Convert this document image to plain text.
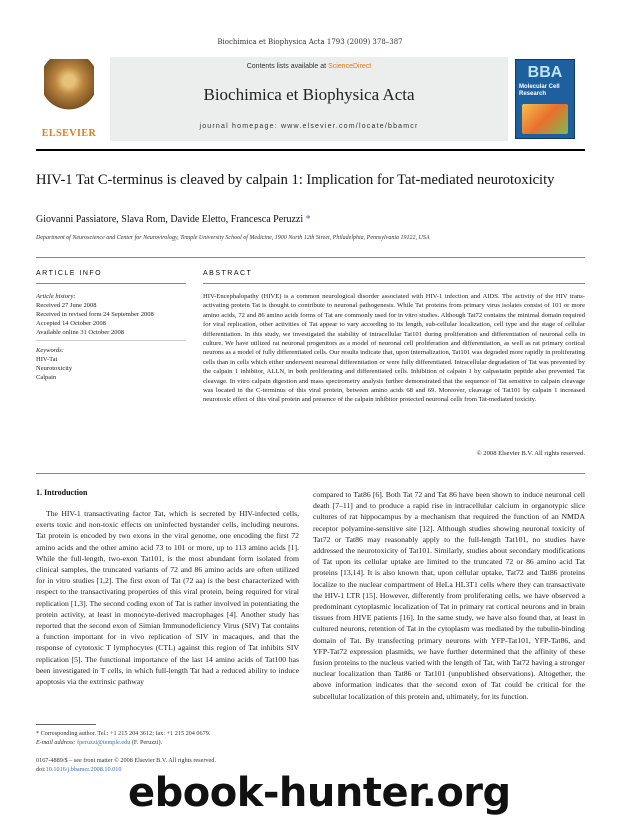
Biochimica et Biophysica Acta 1793 (2009) 378–387
ELSEVIER
Contents lists available at ScienceDirect
Biochimica et Biophysica Acta
journal homepage: www.elsevier.com/locate/bbamcr
BBA
Molecular Cell Research
HIV-1 Tat C-terminus is cleaved by calpain 1: Implication for Tat-mediated neurotoxicity
Giovanni Passiatore, Slava Rom, Davide Eletto, Francesca Peruzzi *
Department of Neuroscience and Center for Neurovirology, Temple University School of Medicine, 1900 North 12th Street, Philadelphia, Pennsylvania 19122, USA
ARTICLE INFO	ABSTRACT
Article history:
Received 27 June 2008
Received in revised form 24 September 2008
Accepted 14 October 2008
Available online 31 October 2008
Keywords:
HIV-Tat
Neurotoxicity
Calpain
HIV-Encephalopathy (HIVE) is a common neurological disorder associated with HIV-1 infection and AIDS. The activity of the HIV trans-activating protein Tat is thought to contribute to neuronal pathogenesis. While Tat proteins from primary virus isolates consist of 101 or more amino acids, 72 and 86 amino acids forms of Tat are commonly used for in vitro studies. Although Tat72 contains the minimal domain required for viral replication, other activities of Tat appear to vary according to its length, sub-cellular localization, cell type and the stage of cellular differentiation. In this study, we investigated the stability of intracellular Tat101 during proliferation and differentiation of neuronal cells in culture. We have utilized rat neuronal progenitors as a model of neuronal cell proliferation and differentiation, as well as rat primary cortical neurons as a model of fully differentiated cells. Our results indicate that, upon internalization, Tat101 was degraded more rapidly in proliferating cells than in cells which either underwent neuronal differentiation or were fully differentiated. Intracellular degradation of Tat was prevented by the calpain 1 inhibitor, ALLN, in both proliferating and differentiated cells. Inhibition of calpain 1 by calpastatin peptide also prevented Tat cleavage. In vitro calpain digestion and mass spectrometry analysis further demonstrated that the sequence of Tat sensitive to calpain cleavage was located in the C-terminus of this viral protein, between amino acids 68 and 69. Moreover, cleavage of Tat101 by calpain 1 increased neurotoxic effect of this viral protein and presence of the calpain inhibitor protected neuronal cells from Tat-mediated toxicity.
© 2008 Elsevier B.V. All rights reserved.
1. Introduction

The HIV-1 transactivating factor Tat, which is secreted by HIV-infected cells, exerts toxic and non-toxic effects on uninfected bystander cells, including neurons. Tat protein is encoded by two exons in the viral genome, one encoding the first 72 amino acids and the other amino acid 73 to 101 or more, up to 113 amino acids [1]. While the full-length, two-exon Tat101, is the most abundant form isolated from clinical samples, the truncated variants of 72 and 86 amino acids are often utilized for in vitro studies [1,2]. The first exon of Tat (72 aa) is the best characterized with respect to the transactivating properties of this viral protein, being required for viral replication [1,3]. The second coding exon of Tat is rather involved in potentiating the protein activity, at least in monocyte-derived macrophages [4]. Another study has reported that the second exon of Simian Immunodeficiency Virus (SIV) Tat contains a function important for in vivo replication of SIV in macaques, and that the response of cytotoxic T lymphocytes (CTL) against this region of Tat inhibits SIV replication [5]. The functional importance of the last 14 amino acids of Tat100 has been investigated in T cells, in which full-length Tat had a reduced ability to induce apoptosis via the extrinsic pathway

compared to Tat86 [6]. Both Tat 72 and Tat 86 have been shown to induce neuronal cell death [7–11] and to produce a rapid rise in intracellular calcium in organotypic slice cultures of rat hippocampus by a mechanism that required the function of an NMDA receptor polyamine-sensitive site [12]. Although studies showing neuronal toxicity of Tat72 or Tat86 may reasonably apply to the full-length Tat101, no studies have addressed the neurotoxicity of Tat101. Similarly, studies about secondary modifications of Tat upon its cellular uptake are limited to the truncated 72 or 86 amino acid Tat proteins [13,14]. It is also known that, upon cellular uptake, Tat72 and Tat86 proteins localize to the nuclear compartment of HeLa HL3T1 cells where they can transactivate the HIV-1 LTR [15]. However, differently from proliferating cells, we have observed a predominant cytoplasmic localization of Tat in primary rat cortical neurons and in brain tissues from HIVE patients [16]. In the same study, we have also found that, at least in cultured neurons, retention of Tat in the cytoplasm was mediated by the tubulin-binding domain of Tat. By transfecting primary neurons with YFP-Tat101, YFP-Tat86, and YFP-Tat72 expression plasmids, we have further determined that the affinity of these fusion proteins to the nucleus varied with the length of Tat, with Tat72 having a stronger nuclear localization than Tat86 or Tat101 (unpublished observations). Altogether, the above information indicates that the second exon of Tat could be critical for the subcellular localization of this protein and, ultimately, for its function.

* Corresponding author. Tel.: +1 215 204 3612; fax: +1 215 204 0679.
E-mail address: fperuzzi@temple.edu (F. Peruzzi).
0167-4889/$ – see front matter © 2008 Elsevier B.V. All rights reserved.
doi:10.1016/j.bbamcr.2008.10.010
ebook-hunter.org
